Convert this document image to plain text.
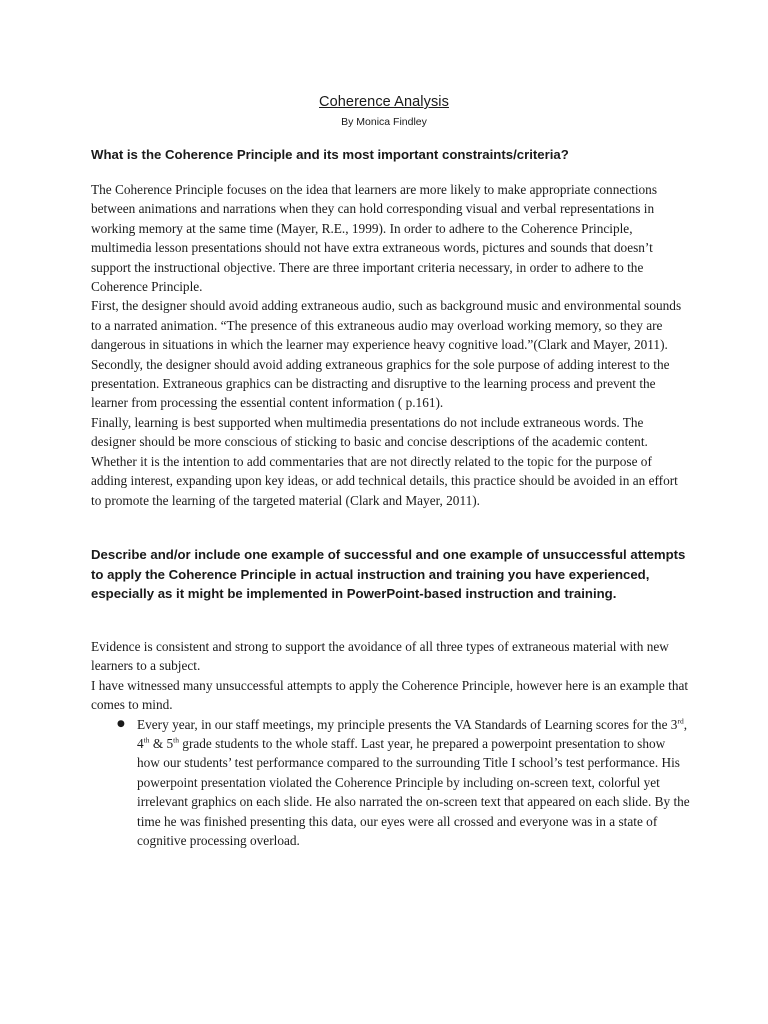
Coherence Analysis
By Monica Findley
What is the Coherence Principle and its most important constraints/criteria?

The Coherence Principle focuses on the idea that learners are more likely to make appropriate connections between animations and narrations when they can hold corresponding visual and verbal representations in working memory at the same time (Mayer, R.E., 1999). In order to adhere to the Coherence Principle, multimedia lesson presentations should not have extra extraneous words, pictures and sounds that doesn’t support the instructional objective. There are three important criteria necessary, in order to adhere to the Coherence Principle.

First, the designer should avoid adding extraneous audio, such as background music and environmental sounds to a narrated animation. “The presence of this extraneous audio may overload working memory, so they are dangerous in situations in which the learner may experience heavy cognitive load.”(Clark and Mayer, 2011).

Secondly, the designer should avoid adding extraneous graphics for the sole purpose of adding interest to the presentation. Extraneous graphics can be distracting and disruptive to the learning process and prevent the learner from processing the essential content information ( p.161).

Finally, learning is best supported when multimedia presentations do not include extraneous words. The designer should be more conscious of sticking to basic and concise descriptions of the academic content. Whether it is the intention to add commentaries that are not directly related to the topic for the purpose of adding interest, expanding upon key ideas, or add technical details, this practice should be avoided in an effort to promote the learning of the targeted material (Clark and Mayer, 2011).

Describe and/or include one example of successful and one example of unsuccessful attempts to apply the Coherence Principle in actual instruction and training you have experienced, especially as it might be implemented in PowerPoint-based instruction and training.

Evidence is consistent and strong to support the avoidance of all three types of extraneous material with new learners to a subject.

I have witnessed many unsuccessful attempts to apply the Coherence Principle, however here is an example that comes to mind.

● Every year, in our staff meetings, my principle presents the VA Standards of Learning scores for the 3rd, 4th & 5th grade students to the whole staff. Last year, he prepared a powerpoint presentation to show how our students’ test performance compared to the surrounding Title I school’s test performance. His powerpoint presentation violated the Coherence Principle by including on-screen text, colorful yet irrelevant graphics on each slide. He also narrated the on-screen text that appeared on each slide. By the time he was finished presenting this data, our eyes were all crossed and everyone was in a state of cognitive processing overload.
